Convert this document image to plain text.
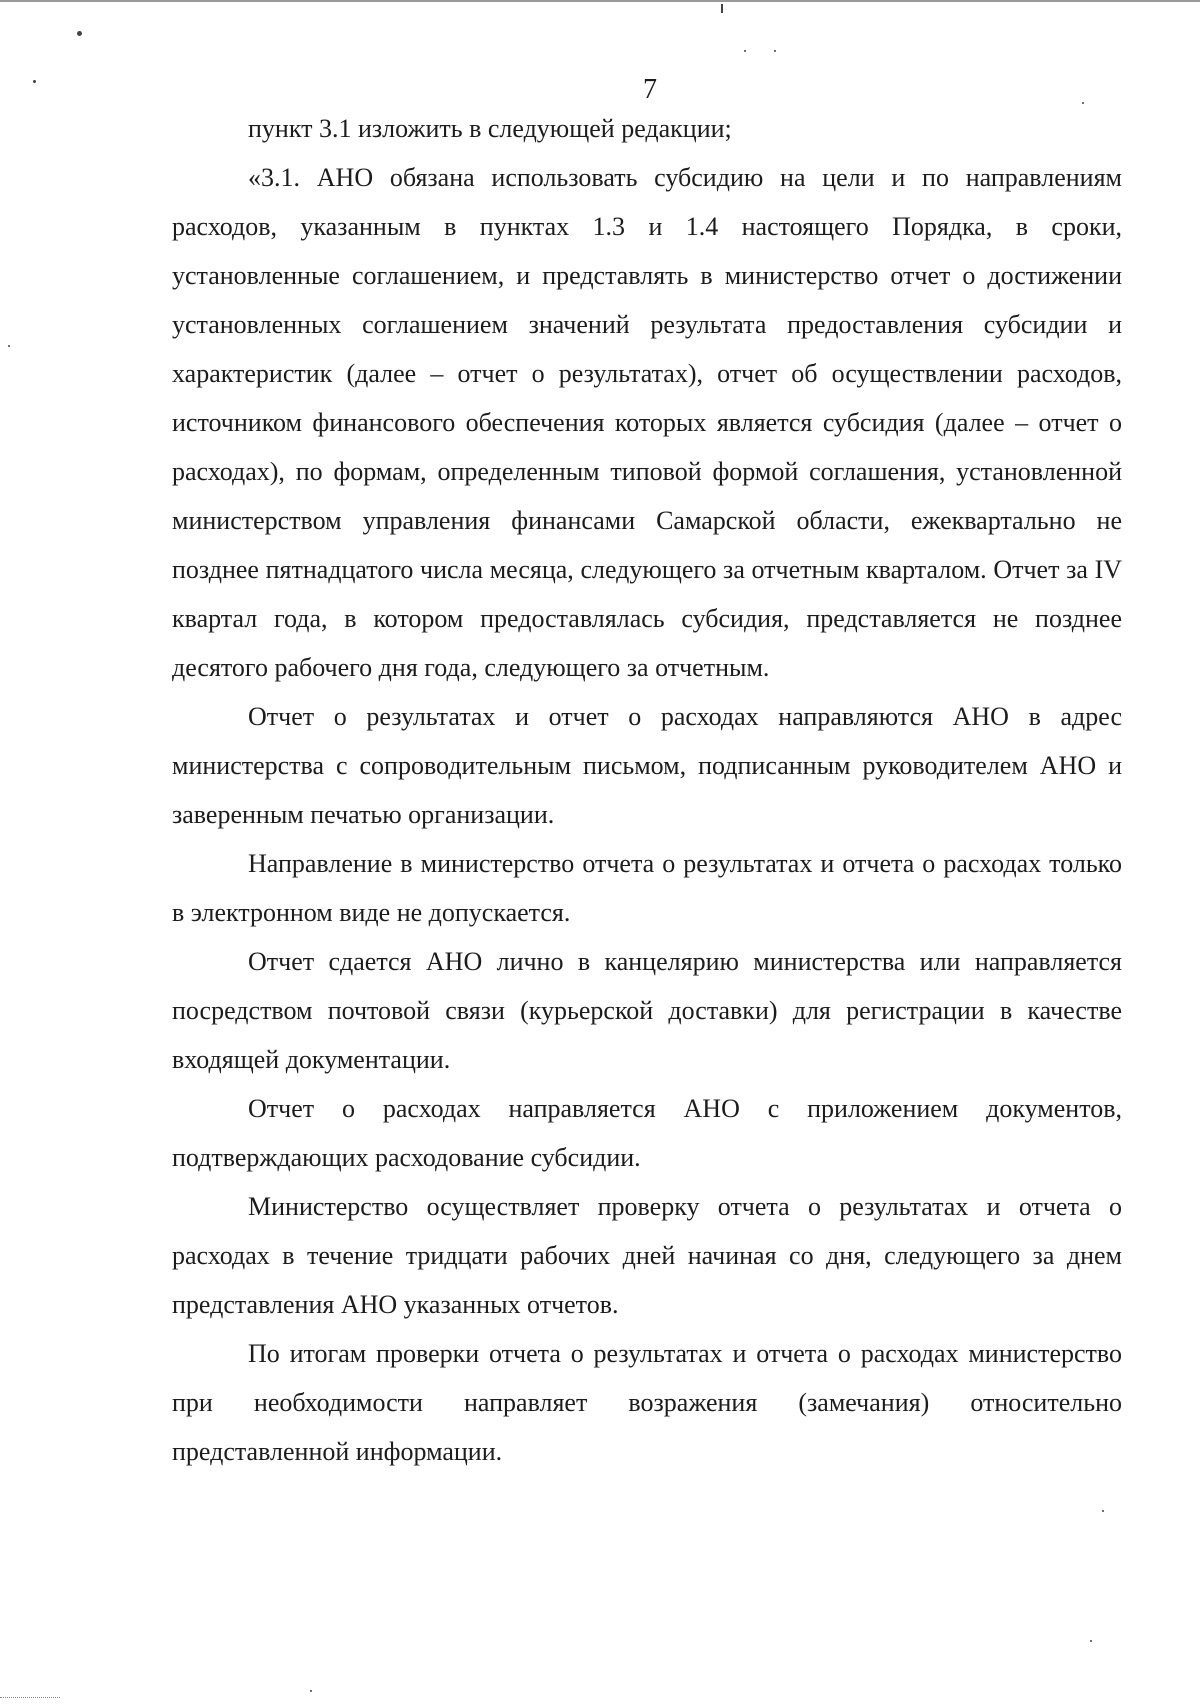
7

пункт 3.1 изложить в следующей редакции;

«3.1. АНО обязана использовать субсидию на цели и по направлениям расходов, указанным в пунктах 1.3 и 1.4 настоящего Порядка, в сроки, установленные соглашением, и представлять в министерство отчет о достижении установленных соглашением значений результата предоставления субсидии и характеристик (далее – отчет о результатах), отчет об осуществлении расходов, источником финансового обеспечения которых является субсидия (далее – отчет о расходах), по формам, определенным типовой формой соглашения, установленной министерством управления финансами Самарской области, ежеквартально не позднее пятнадцатого числа месяца, следующего за отчетным кварталом. Отчет за IV квартал года, в котором предоставлялась субсидия, представляется не позднее десятого рабочего дня года, следующего за отчетным.

Отчет о результатах и отчет о расходах направляются АНО в адрес министерства с сопроводительным письмом, подписанным руководителем АНО и заверенным печатью организации.

Направление в министерство отчета о результатах и отчета о расходах только в электронном виде не допускается.

Отчет сдается АНО лично в канцелярию министерства или направляется посредством почтовой связи (курьерской доставки) для регистрации в качестве входящей документации.

Отчет о расходах направляется АНО с приложением документов, подтверждающих расходование субсидии.

Министерство осуществляет проверку отчета о результатах и отчета о расходах в течение тридцати рабочих дней начиная со дня, следующего за днем представления АНО указанных отчетов.

По итогам проверки отчета о результатах и отчета о расходах министерство при необходимости направляет возражения (замечания) относительно представленной информации.
